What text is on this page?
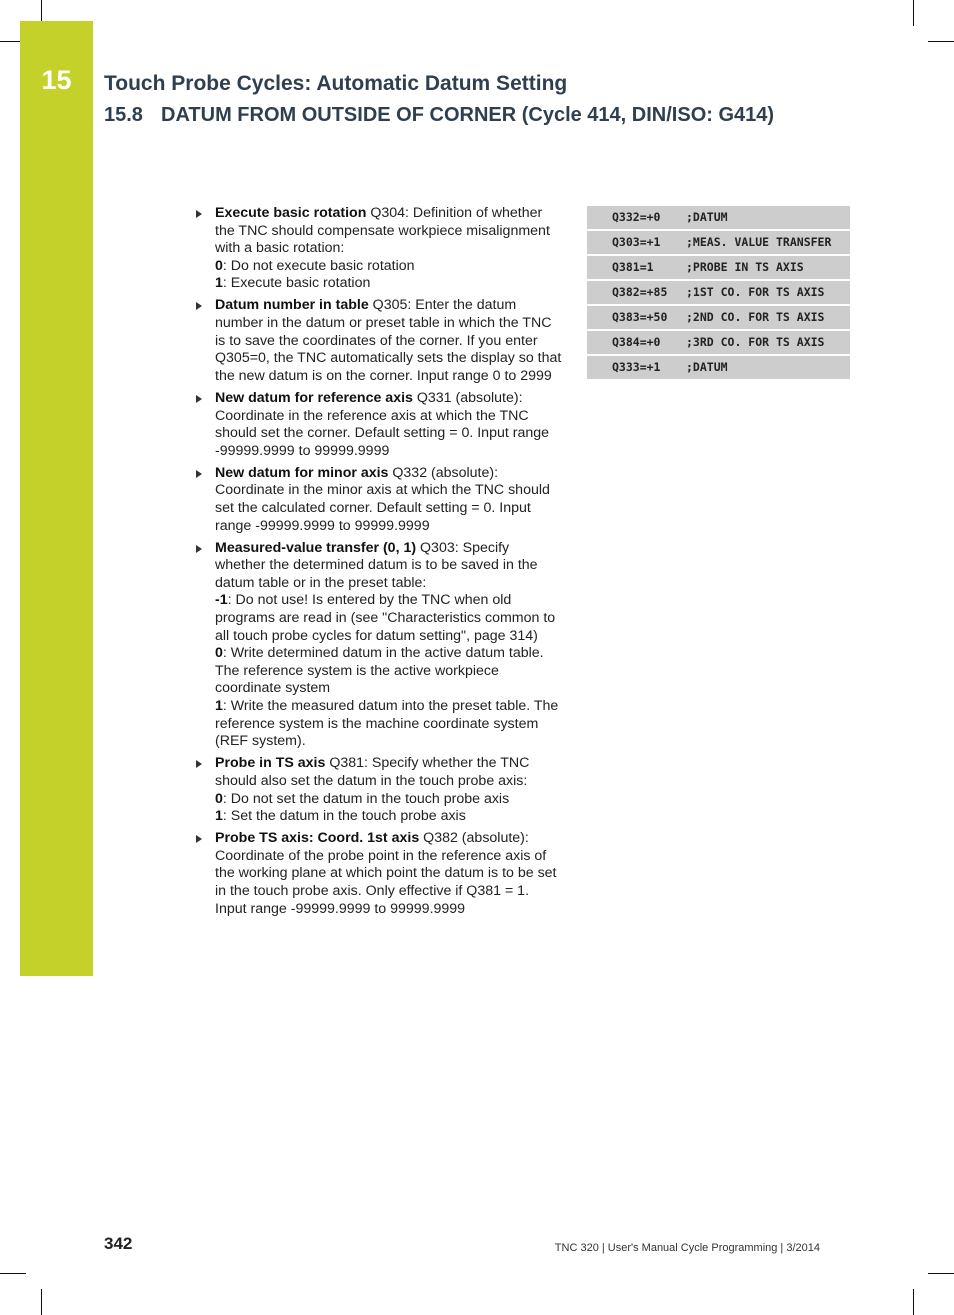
15	Touch Probe Cycles: Automatic Datum Setting
15.8 DATUM FROM OUTSIDE OF CORNER (Cycle 414, DIN/ISO: G414)
Execute basic rotation Q304: Definition of whether the TNC should compensate workpiece misalignment with a basic rotation:
0: Do not execute basic rotation
1: Execute basic rotation
Datum number in table Q305: Enter the datum number in the datum or preset table in which the TNC is to save the coordinates of the corner. If you enter Q305=0, the TNC automatically sets the display so that the new datum is on the corner. Input range 0 to 2999
New datum for reference axis Q331 (absolute): Coordinate in the reference axis at which the TNC should set the corner. Default setting = 0. Input range -99999.9999 to 99999.9999
New datum for minor axis Q332 (absolute): Coordinate in the minor axis at which the TNC should set the calculated corner. Default setting = 0. Input range -99999.9999 to 99999.9999
Measured-value transfer (0, 1) Q303: Specify whether the determined datum is to be saved in the datum table or in the preset table:
-1: Do not use! Is entered by the TNC when old programs are read in (see "Characteristics common to all touch probe cycles for datum setting", page 314)
0: Write determined datum in the active datum table. The reference system is the active workpiece coordinate system
1: Write the measured datum into the preset table. The reference system is the machine coordinate system (REF system).
Probe in TS axis Q381: Specify whether the TNC should also set the datum in the touch probe axis:
0: Do not set the datum in the touch probe axis
1: Set the datum in the touch probe axis
Probe TS axis: Coord. 1st axis Q382 (absolute): Coordinate of the probe point in the reference axis of the working plane at which point the datum is to be set in the touch probe axis. Only effective if Q381 = 1. Input range -99999.9999 to 99999.9999
Q332=+0	;DATUM
Q303=+1	;MEAS. VALUE TRANSFER
Q381=1	;PROBE IN TS AXIS
Q382=+85	;1ST CO. FOR TS AXIS
Q383=+50	;2ND CO. FOR TS AXIS
Q384=+0	;3RD CO. FOR TS AXIS
Q333=+1	;DATUM
342	TNC 320 | User's Manual Cycle Programming | 3/2014
